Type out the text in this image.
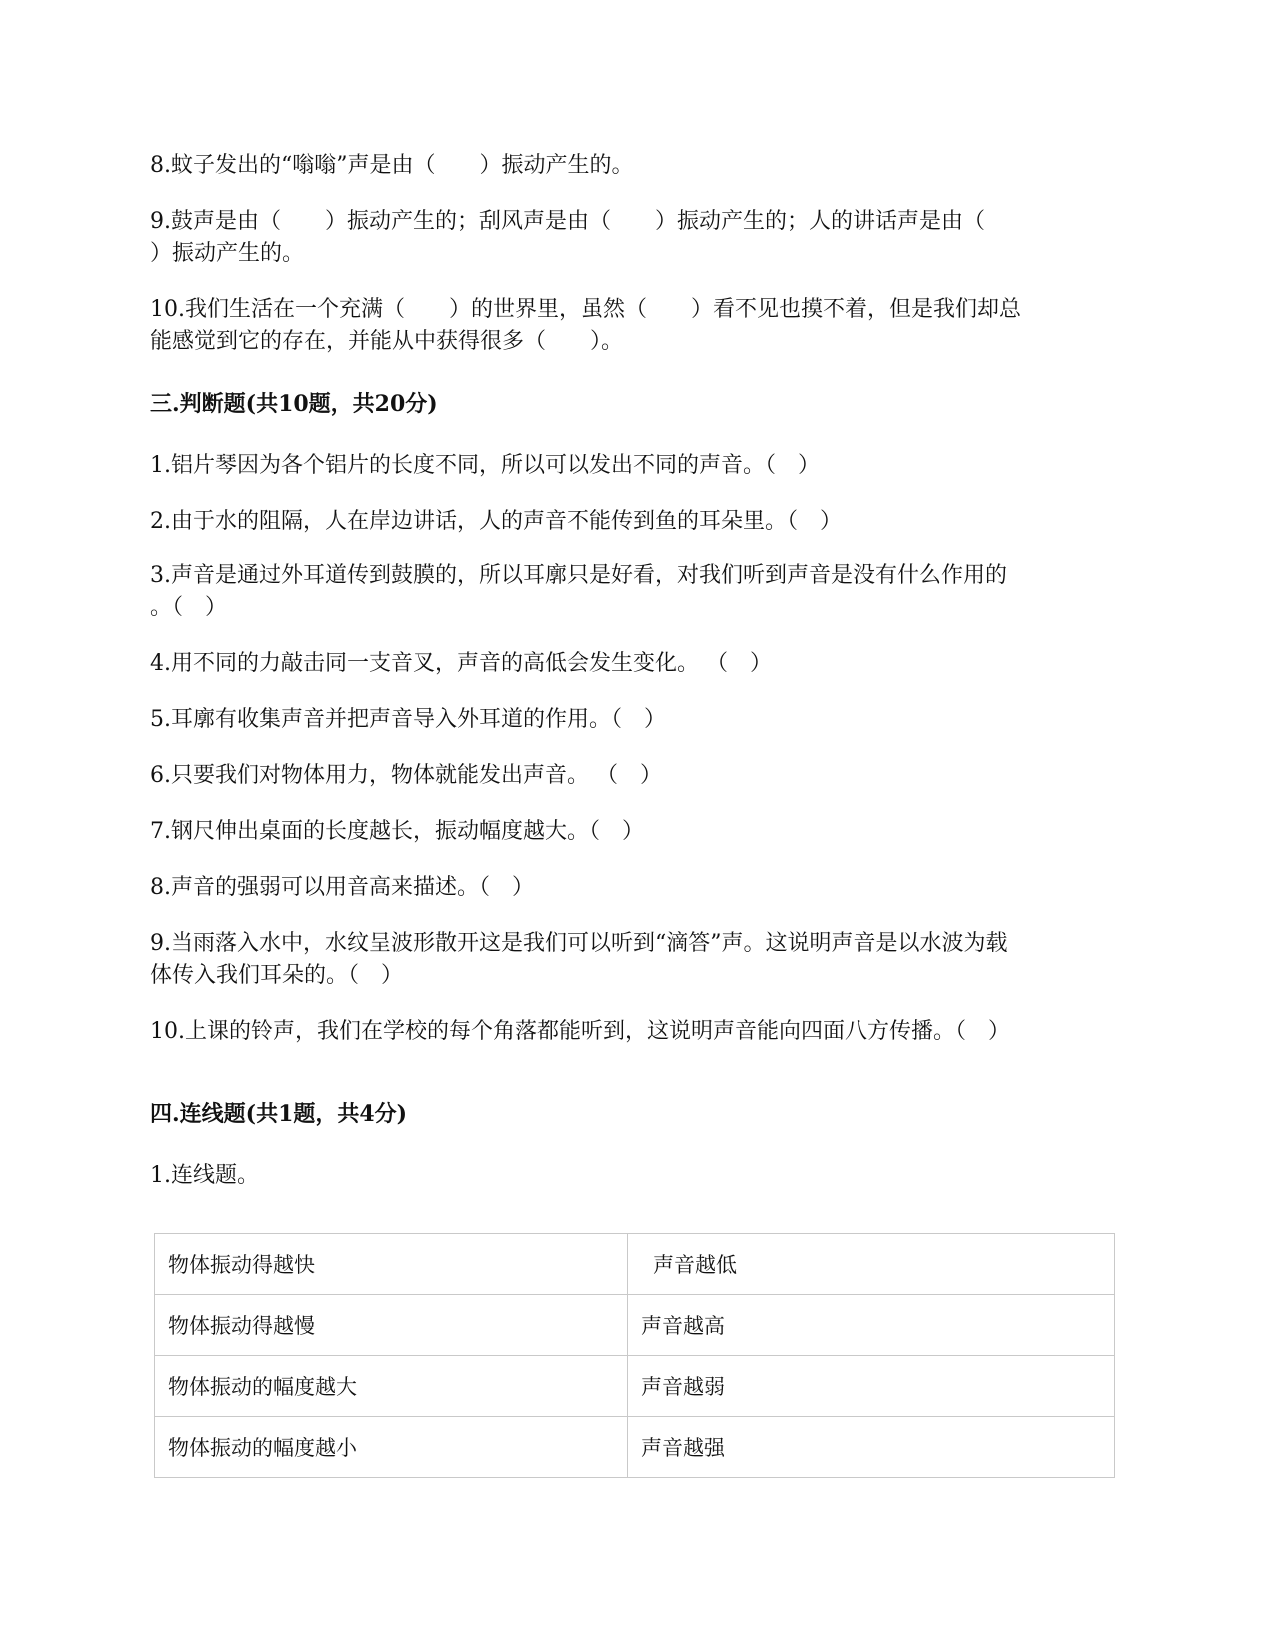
8.蚊子发出的“嗡嗡”声是由（　　）振动产生的。
9.鼓声是由（　　）振动产生的；刮风声是由（　　）振动产生的；人的讲话声是由（
）振动产生的。
10.我们生活在一个充满（　　）的世界里，虽然（　　）看不见也摸不着，但是我们却总
能感觉到它的存在，并能从中获得很多（　　）。
三.判断题(共10题，共20分)
1.铝片琴因为各个铝片的长度不同，所以可以发出不同的声音。（　）
2.由于水的阻隔，人在岸边讲话，人的声音不能传到鱼的耳朵里。（　）
3.声音是通过外耳道传到鼓膜的，所以耳廓只是好看，对我们听到声音是没有什么作用的
。（　）
4.用不同的力敲击同一支音叉，声音的高低会发生变化。 （　）
5.耳廓有收集声音并把声音导入外耳道的作用。（　）
6.只要我们对物体用力，物体就能发出声音。 （　）
7.钢尺伸出桌面的长度越长，振动幅度越大。（　）
8.声音的强弱可以用音高来描述。（　）
9.当雨落入水中，水纹呈波形散开这是我们可以听到“滴答”声。这说明声音是以水波为载
体传入我们耳朵的。（　）
10.上课的铃声，我们在学校的每个角落都能听到，这说明声音能向四面八方传播。（　）
四.连线题(共1题，共4分)
1.连线题。
物体振动得越快	声音越低
物体振动得越慢	声音越高
物体振动的幅度越大	声音越弱
物体振动的幅度越小	声音越强
